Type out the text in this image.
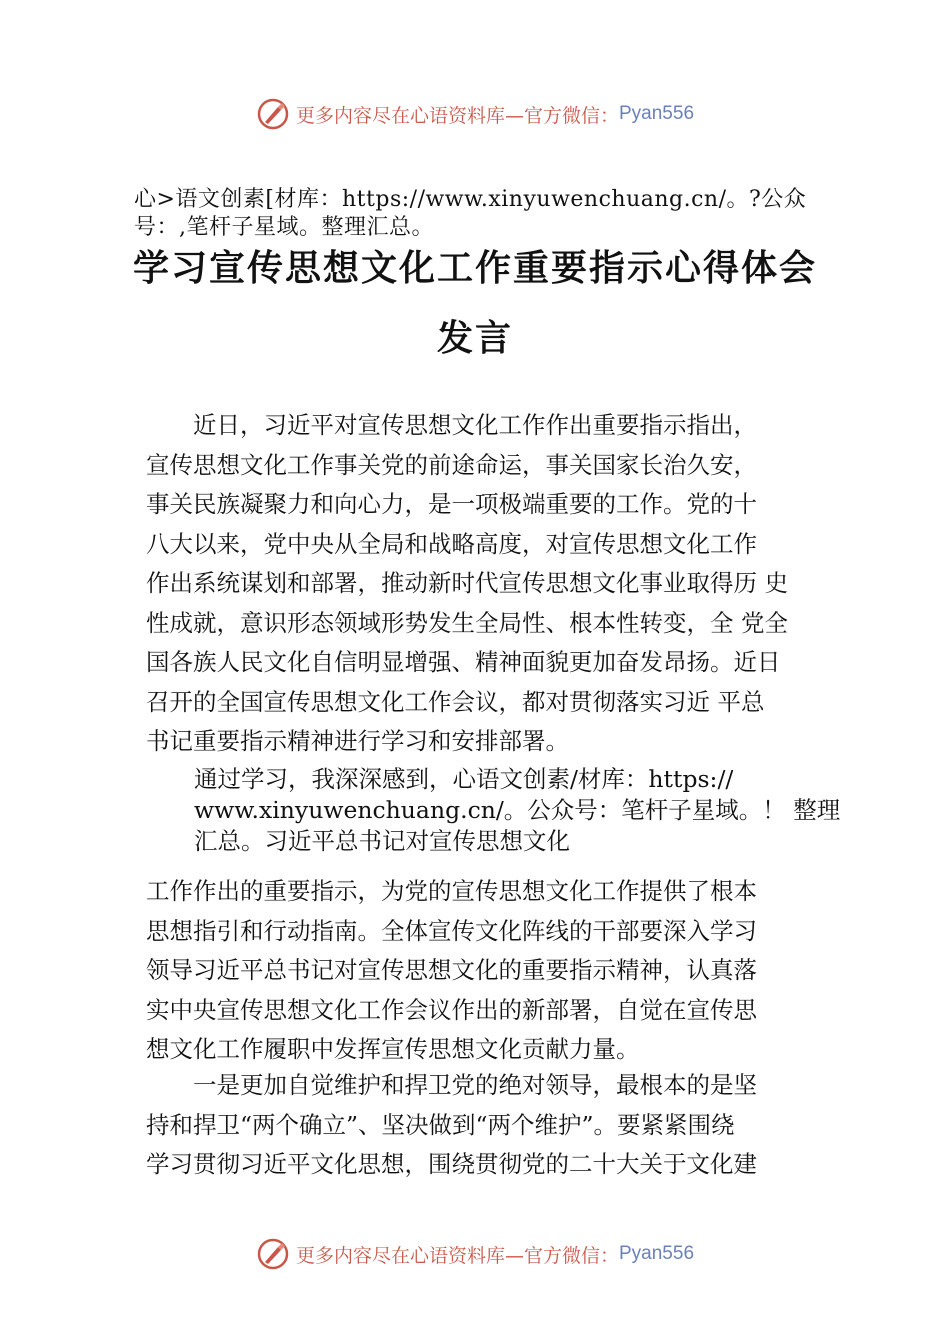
更多内容尽在心语资料库—官方微信： Pyan556
心>语文创素[材库：https://www.xinyuwenchuang.cn/。?公众号：,笔杆子星域。整理汇总。
学习宣传思想文化工作重要指示心得体会
发言
　　近日，习近平对宣传思想文化工作作出重要指示指出，
宣传思想文化工作事关党的前途命运，事关国家长治久安，
事关民族凝聚力和向心力，是一项极端重要的工作。党的十
八大以来，党中央从全局和战略高度，对宣传思想文化工作
作出系统谋划和部署，推动新时代宣传思想文化事业取得历 史
性成就，意识形态领域形势发生全局性、根本性转变，全 党全
国各族人民文化自信明显增强、精神面貌更加奋发昂扬。近日
召开的全国宣传思想文化工作会议，都对贯彻落实习近 平总
书记重要指示精神进行学习和安排部署。
通过学习，我深深感到，心语文创素/材库：https://
www.xinyuwenchuang.cn/。公众号：笔杆子星域。！ 整理
汇总。习近平总书记对宣传思想文化
工作作出的重要指示，为党的宣传思想文化工作提供了根本
思想指引和行动指南。全体宣传文化阵线的干部要深入学习
领导习近平总书记对宣传思想文化的重要指示精神，认真落
实中央宣传思想文化工作会议作出的新部署，自觉在宣传思
想文化工作履职中发挥宣传思想文化贡献力量。
　　一是更加自觉维护和捍卫党的绝对领导，最根本的是坚
持和捍卫“两个确立”、坚决做到“两个维护”。要紧紧围绕
学习贯彻习近平文化思想，围绕贯彻党的二十大关于文化建
更多内容尽在心语资料库—官方微信： Pyan556
